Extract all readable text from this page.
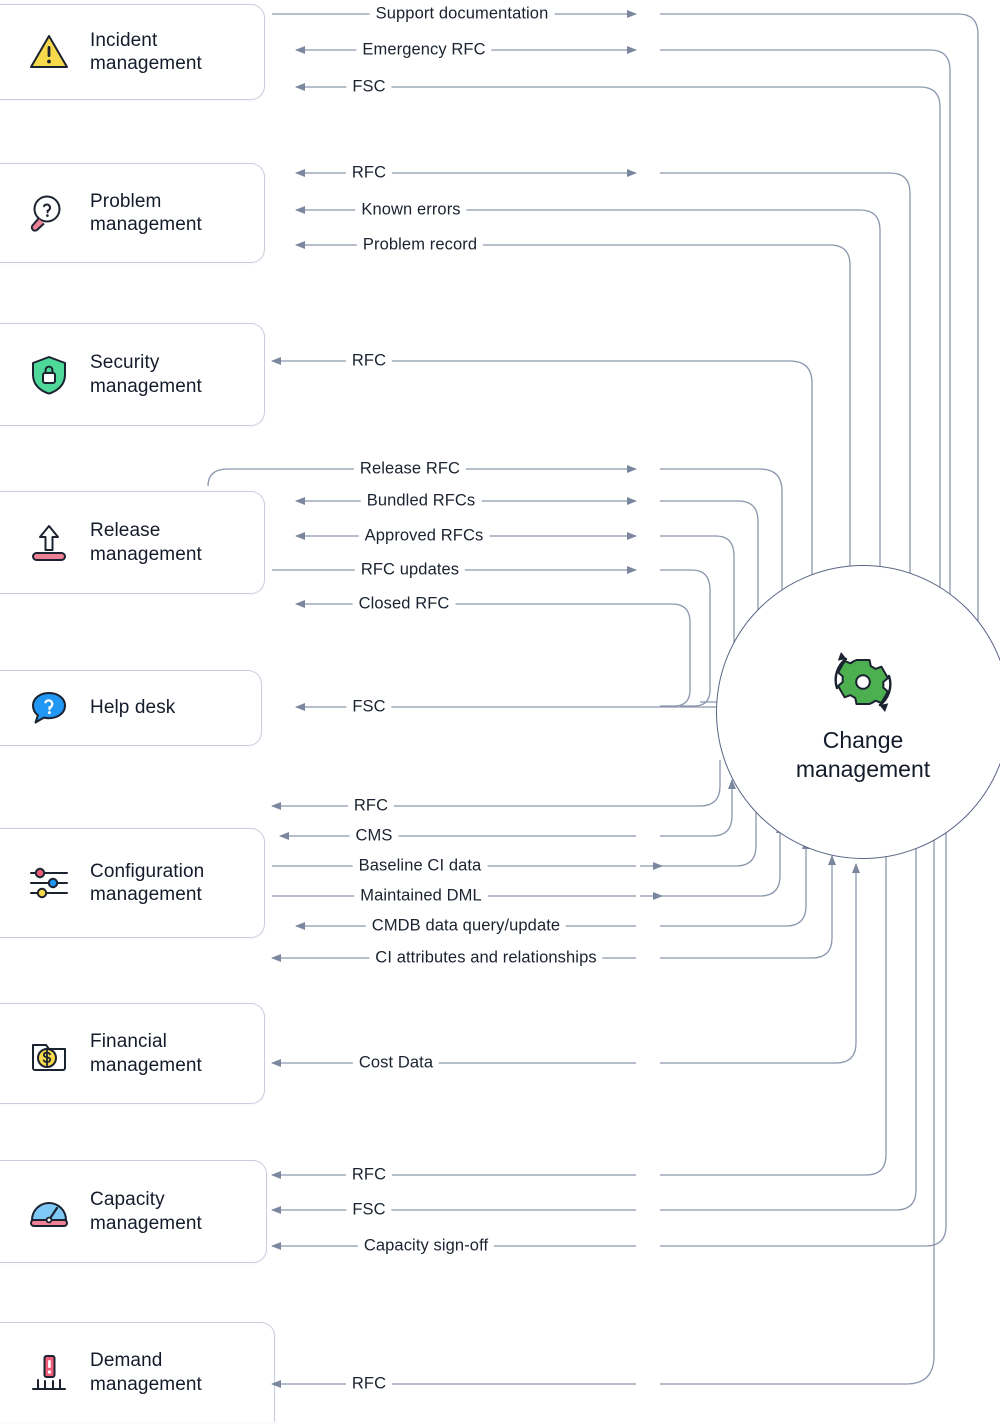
Incident
management
Problem
management
Security
management
Release
management
Help desk
Configuration
management
Financial
management
Capacity
management
Demand
management
Change
management
Support documentation
Emergency RFC
FSC
RFC
Known errors
Problem record
RFC
Release RFC
Bundled RFCs
Approved RFCs
RFC updates
Closed RFC
FSC
RFC
CMS
Baseline CI data
Maintained DML
CMDB data query/update
CI attributes and relationships
Cost Data
RFC
FSC
Capacity sign-off
RFC
